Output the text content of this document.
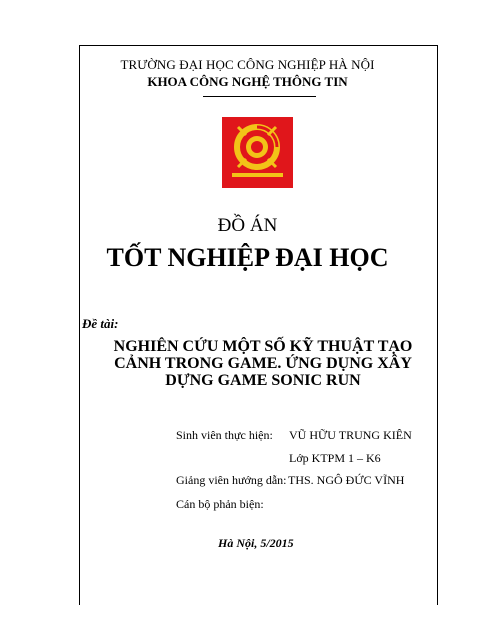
TRƯỜNG ĐẠI HỌC CÔNG NGHIỆP HÀ NỘI
KHOA CÔNG NGHỆ THÔNG TIN
ĐỒ ÁN
TỐT NGHIỆP ĐẠI HỌC
Đề tài:
NGHIÊN CỨU MỘT SỐ KỸ THUẬT TẠO
CẢNH TRONG GAME. ỨNG DỤNG XÂY
DỰNG GAME SONIC RUN
Sinh viên thực hiện: VŨ HỮU TRUNG KIÊN
Lớp KTPM 1 – K6
Giảng viên hướng dẫn: THS. NGÔ ĐỨC VĨNH
Cán bộ phản biện:
Hà Nội, 5/2015
